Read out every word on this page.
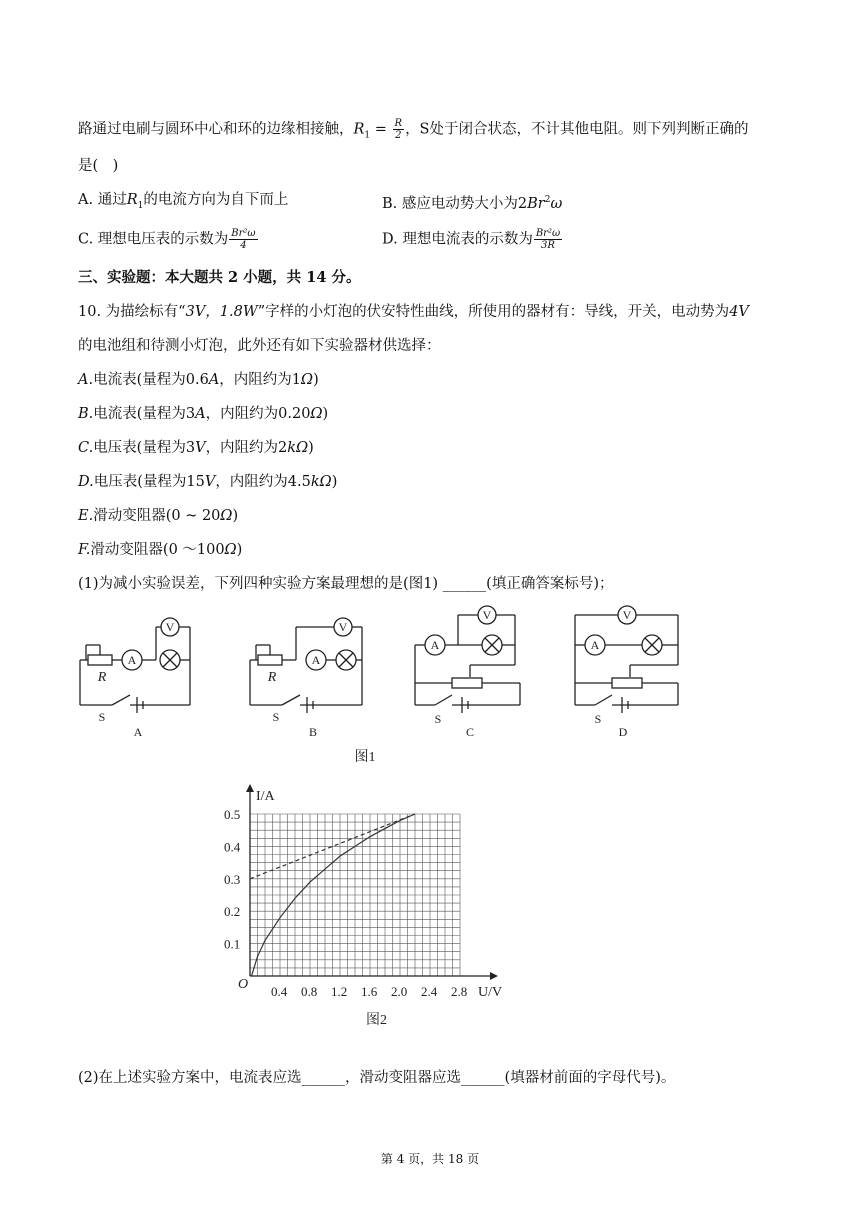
路通过电刷与圆环中心和环的边缘相接触，$R_1 = \frac{R}{2}$ ，S处于闭合状态，不计其他电阻。则下列判断正确的
是(　)
A. 通过$R_1$的电流方向为自下而上	B. 感应电动势大小为2Br$^2$ω
C. 理想电压表的示数为 $\frac{\text{Br²ω}}{4}$	D. 理想电流表的示数为 $\frac{\text{Br²ω}}{3R}$
三、实验题：本大题共 2 小题，共 14 分。
10. 为描绘标有“3V，1.8W”字样的小灯泡的伏安特性曲线，所使用的器材有：导线，开关，电动势为4V
的电池组和待测小灯泡，此外还有如下实验器材供选择：
A.电流表(量程为0.6A，内阻约为1Ω)
B.电流表(量程为3A，内阻约为0.20Ω)
C.电压表(量程为3V，内阻约为2kΩ)
D.电压表(量程为15V，内阻约为4.5kΩ)
E.滑动变阻器(0 ~ 20Ω)
F.滑动变阻器(0 ～100Ω)
(1)为减小实验误差，下列四种实验方案最理想的是(图1) ______(填正确答案标号)；
A
V
A
V
A
V
A
V
R	R
S	S	S	S
A	B	C	D
图1
0.4 0.8 1.2 1.6 2.0 2.4 2.8
0.1
0.2
0.3
0.4
0.5
O
U/V
I/A
图2
(2)在上述实验方案中，电流表应选______，滑动变阻器应选______(填器材前面的字母代号)。
第 4 页，共 18 页
